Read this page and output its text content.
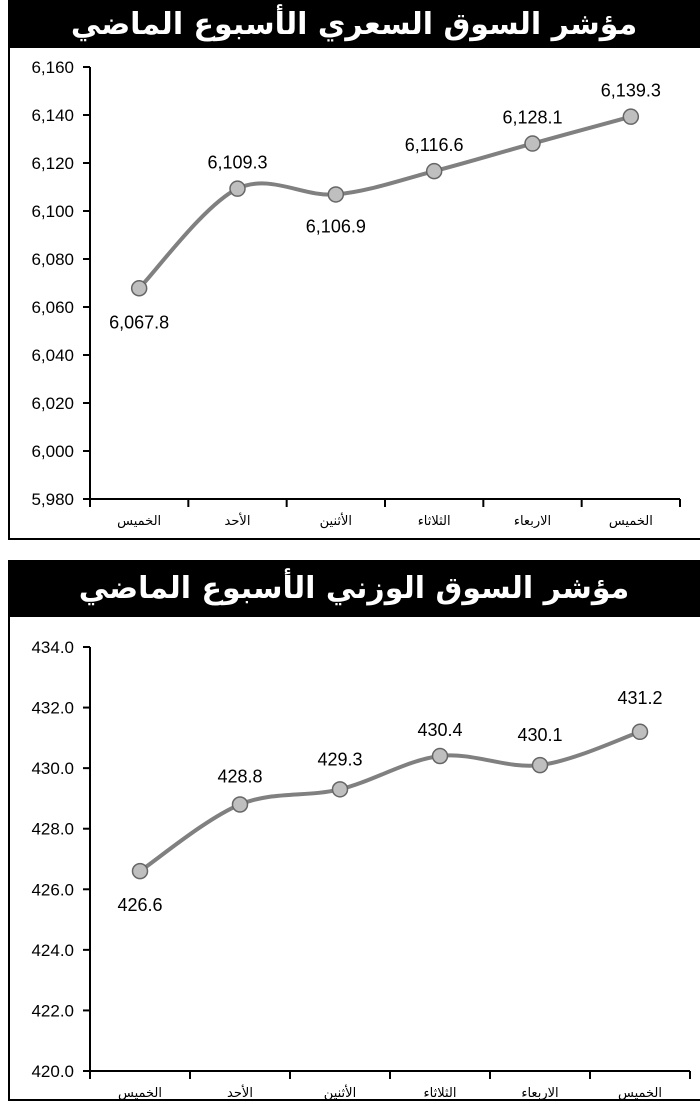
مؤشر السوق السعري الأسبوع الماضي
5,980
6,000
6,020
6,040
6,060
6,080
6,100
6,120
6,140
6,160
الخميس	الأحد	الأثنين	الثلاثاء	الاربعاء	الخميس
6,067.8
6,109.3
6,106.9
6,116.6
6,128.1
6,139.3
مؤشر السوق الوزني الأسبوع الماضي
420.0
422.0
424.0
426.0
428.0
430.0
432.0
434.0
الخميس	الأحد	الأثنين	الثلاثاء	الاربعاء	الخميس
426.6
428.8
429.3
430.4	430.1
431.2
